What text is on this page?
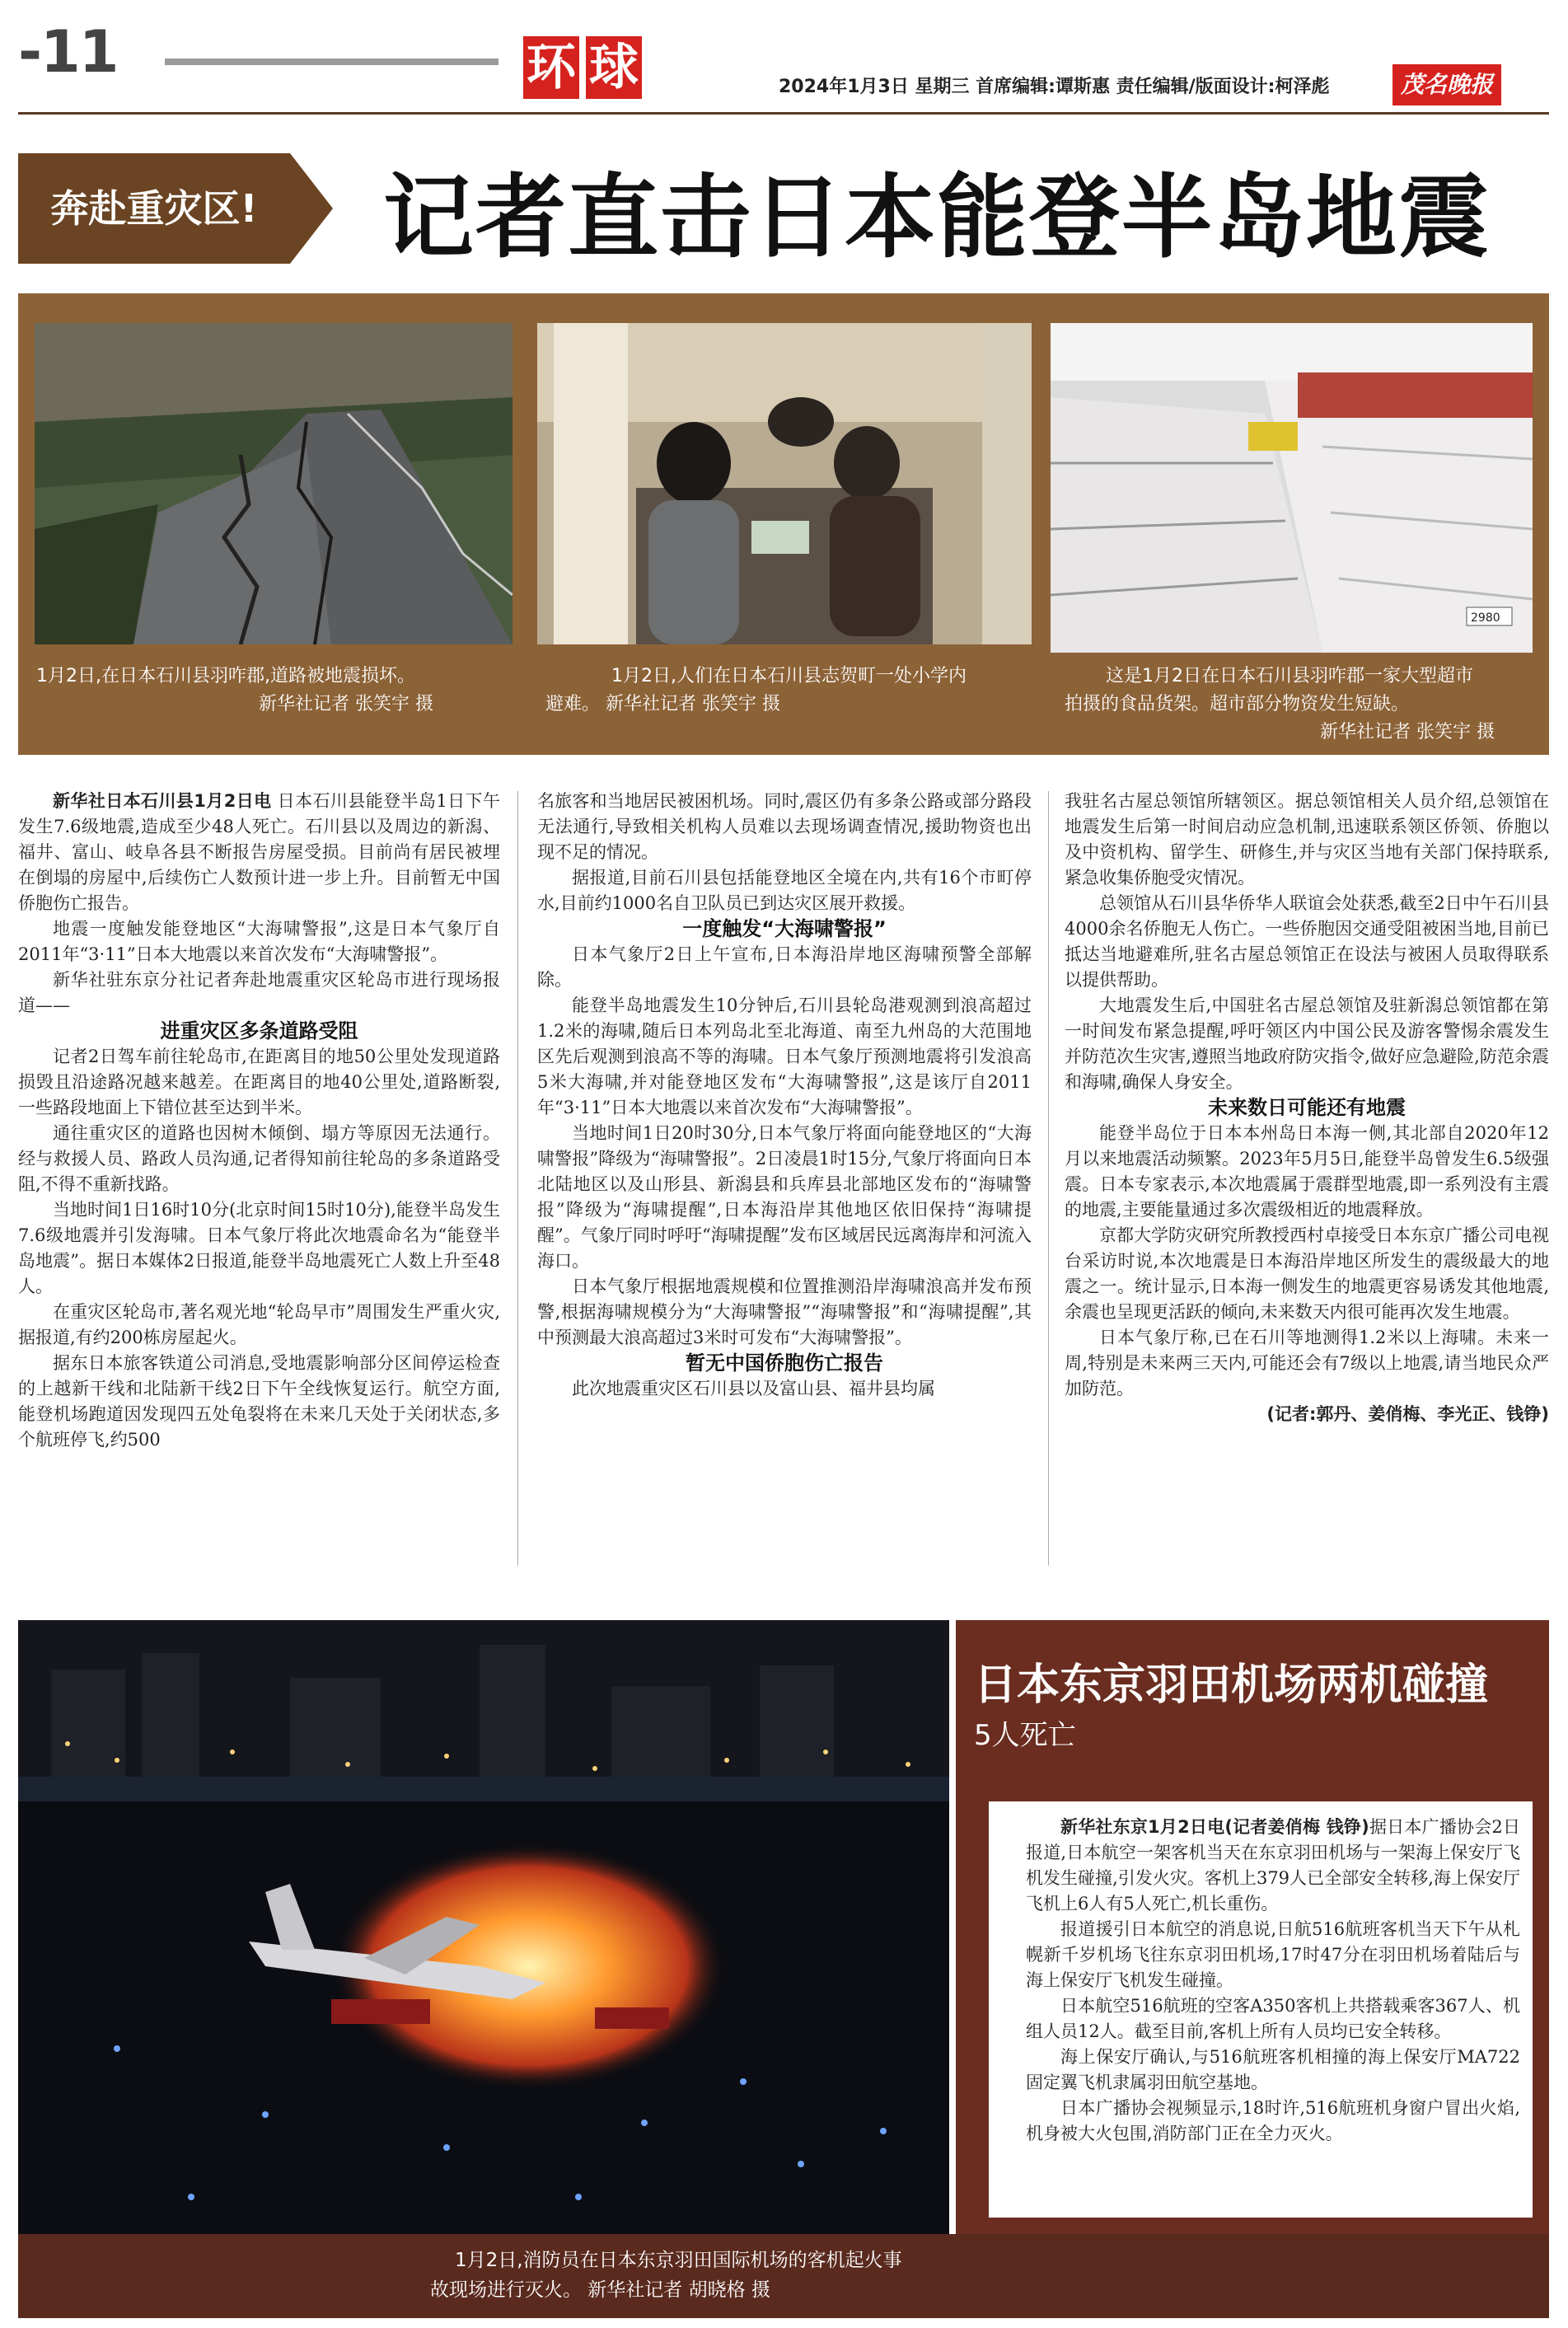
-11	环 球	2024年1月3日 星期三 首席编辑:谭斯惠 责任编辑/版面设计:柯泽彪	茂名晚报
奔赴重灾区!	记者直击日本能登半岛地震
1月2日,在日本石川县羽咋郡,道路被地震损坏。
新华社记者 张笑宇 摄
1月2日,人们在日本石川县志贺町一处小学内
避难。 新华社记者 张笑宇 摄
2980
这是1月2日在日本石川县羽咋郡一家大型超市
拍摄的食品货架。超市部分物资发生短缺。
新华社记者 张笑宇 摄

新华社日本石川县1月2日电 日本石川县能登半岛1日下午发生7.6级地震,造成至少48人死亡。石川县以及周边的新潟、福井、富山、岐阜各县不断报告房屋受损。目前尚有居民被埋在倒塌的房屋中,后续伤亡人数预计进一步上升。目前暂无中国侨胞伤亡报告。

地震一度触发能登地区“大海啸警报”,这是日本气象厅自2011年“3·11”日本大地震以来首次发布“大海啸警报”。

新华社驻东京分社记者奔赴地震重灾区轮岛市进行现场报道——

进重灾区多条道路受阻

记者2日驾车前往轮岛市,在距离目的地50公里处发现道路损毁且沿途路况越来越差。在距离目的地40公里处,道路断裂,一些路段地面上下错位甚至达到半米。

通往重灾区的道路也因树木倾倒、塌方等原因无法通行。经与救援人员、路政人员沟通,记者得知前往轮岛的多条道路受阻,不得不重新找路。

当地时间1日16时10分(北京时间15时10分),能登半岛发生7.6级地震并引发海啸。日本气象厅将此次地震命名为“能登半岛地震”。据日本媒体2日报道,能登半岛地震死亡人数上升至48人。

在重灾区轮岛市,著名观光地“轮岛早市”周围发生严重火灾,据报道,有约200栋房屋起火。

据东日本旅客铁道公司消息,受地震影响部分区间停运检查的上越新干线和北陆新干线2日下午全线恢复运行。航空方面,能登机场跑道因发现四五处龟裂将在未来几天处于关闭状态,多个航班停飞,约500

名旅客和当地居民被困机场。同时,震区仍有多条公路或部分路段无法通行,导致相关机构人员难以去现场调查情况,援助物资也出现不足的情况。

据报道,目前石川县包括能登地区全境在内,共有16个市町停水,目前约1000名自卫队员已到达灾区展开救援。

一度触发“大海啸警报”

日本气象厅2日上午宣布,日本海沿岸地区海啸预警全部解除。

能登半岛地震发生10分钟后,石川县轮岛港观测到浪高超过1.2米的海啸,随后日本列岛北至北海道、南至九州岛的大范围地区先后观测到浪高不等的海啸。日本气象厅预测地震将引发浪高5米大海啸,并对能登地区发布“大海啸警报”,这是该厅自2011年“3·11”日本大地震以来首次发布“大海啸警报”。

当地时间1日20时30分,日本气象厅将面向能登地区的“大海啸警报”降级为“海啸警报”。2日凌晨1时15分,气象厅将面向日本北陆地区以及山形县、新潟县和兵库县北部地区发布的“海啸警报”降级为“海啸提醒”,日本海沿岸其他地区依旧保持“海啸提醒”。气象厅同时呼吁“海啸提醒”发布区域居民远离海岸和河流入海口。

日本气象厅根据地震规模和位置推测沿岸海啸浪高并发布预警,根据海啸规模分为“大海啸警报”“海啸警报”和“海啸提醒”,其中预测最大浪高超过3米时可发布“大海啸警报”。

暂无中国侨胞伤亡报告

此次地震重灾区石川县以及富山县、福井县均属

我驻名古屋总领馆所辖领区。据总领馆相关人员介绍,总领馆在地震发生后第一时间启动应急机制,迅速联系领区侨领、侨胞以及中资机构、留学生、研修生,并与灾区当地有关部门保持联系,紧急收集侨胞受灾情况。

总领馆从石川县华侨华人联谊会处获悉,截至2日中午石川县4000余名侨胞无人伤亡。一些侨胞因交通受阻被困当地,目前已抵达当地避难所,驻名古屋总领馆正在设法与被困人员取得联系以提供帮助。

大地震发生后,中国驻名古屋总领馆及驻新潟总领馆都在第一时间发布紧急提醒,呼吁领区内中国公民及游客警惕余震发生并防范次生灾害,遵照当地政府防灾指令,做好应急避险,防范余震和海啸,确保人身安全。

未来数日可能还有地震

能登半岛位于日本本州岛日本海一侧,其北部自2020年12月以来地震活动频繁。2023年5月5日,能登半岛曾发生6.5级强震。日本专家表示,本次地震属于震群型地震,即一系列没有主震的地震,主要能量通过多次震级相近的地震释放。

京都大学防灾研究所教授西村卓接受日本东京广播公司电视台采访时说,本次地震是日本海沿岸地区所发生的震级最大的地震之一。统计显示,日本海一侧发生的地震更容易诱发其他地震,余震也呈现更活跃的倾向,未来数天内很可能再次发生地震。

日本气象厅称,已在石川等地测得1.2米以上海啸。未来一周,特别是未来两三天内,可能还会有7级以上地震,请当地民众严加防范。

(记者:郭丹、姜俏梅、李光正、钱铮)

1月2日,消防员在日本东京羽田国际机场的客机起火事
故现场进行灭火。 新华社记者 胡晓格 摄
日本东京羽田机场两机碰撞
5人死亡

新华社东京1月2日电(记者姜俏梅 钱铮)据日本广播协会2日报道,日本航空一架客机当天在东京羽田机场与一架海上保安厅飞机发生碰撞,引发火灾。客机上379人已全部安全转移,海上保安厅飞机上6人有5人死亡,机长重伤。

报道援引日本航空的消息说,日航516航班客机当天下午从札幌新千岁机场飞往东京羽田机场,17时47分在羽田机场着陆后与海上保安厅飞机发生碰撞。

日本航空516航班的空客A350客机上共搭载乘客367人、机组人员12人。截至目前,客机上所有人员均已安全转移。

海上保安厅确认,与516航班客机相撞的海上保安厅MA722固定翼飞机隶属羽田航空基地。

日本广播协会视频显示,18时许,516航班机身窗户冒出火焰,机身被大火包围,消防部门正在全力灭火。
